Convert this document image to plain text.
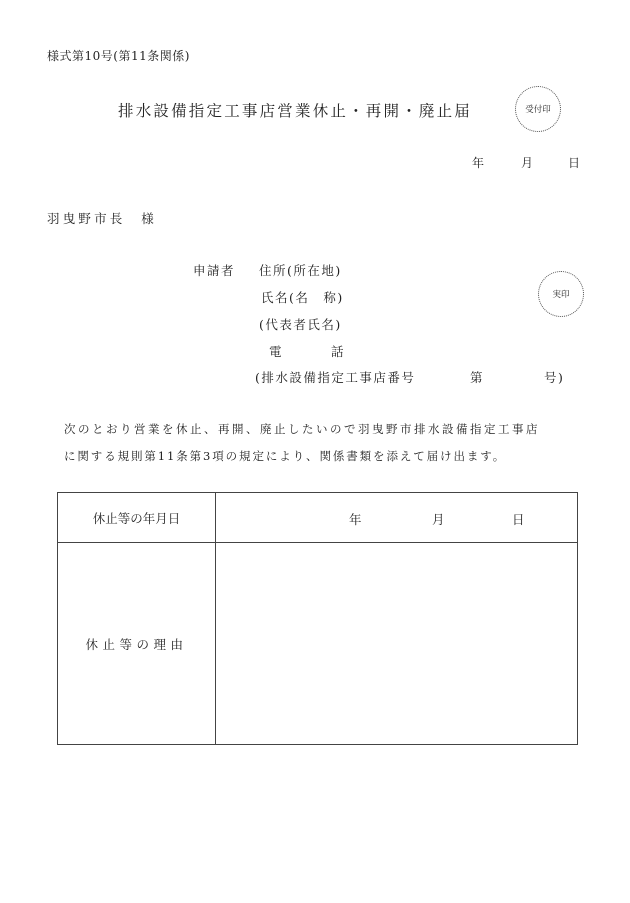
様式第10号(第11条関係)
排水設備指定工事店営業休止・再開・廃止届	受付印
年	月	日
羽曳野市長　様
申請者 住所(所在地)
氏名(名　称)
(代表者氏名)
電	話
(排水設備指定工事店番号	第	号)
実印
次のとおり営業を休止、再開、廃止したいので羽曳野市排水設備指定工事店
に関する規則第11条第3項の規定により、関係書類を添えて届け出ます。
休止等の年月日	年 月 日

休止等の理由	
